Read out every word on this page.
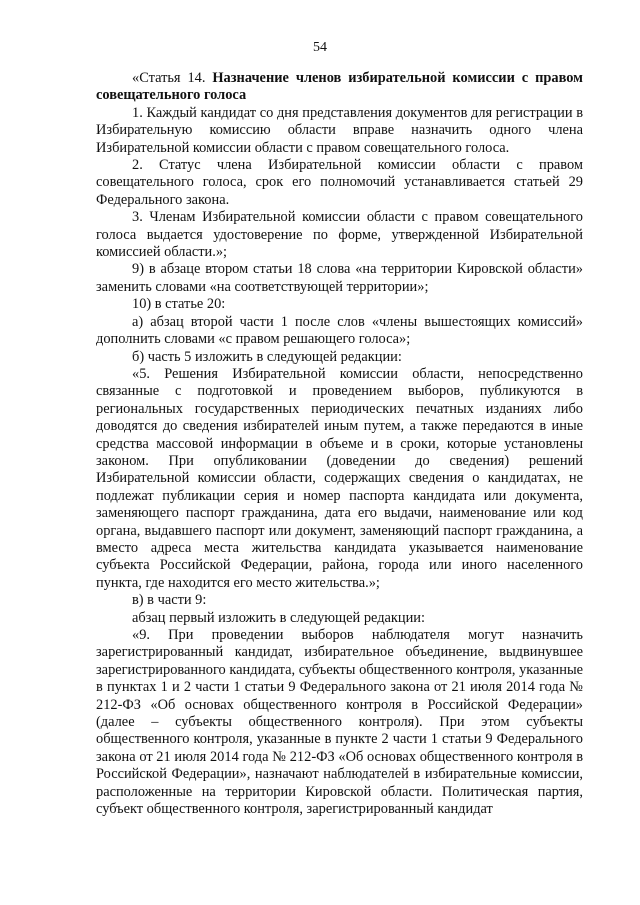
54

«Статья 14. Назначение членов избирательной комиссии с правом совещательного голоса

1. Каждый кандидат со дня представления документов для регистрации в Избирательную комиссию области вправе назначить одного члена Избирательной комиссии области с правом совещательного голоса.

2. Статус члена Избирательной комиссии области с правом совещательного голоса, срок его полномочий устанавливается статьей 29 Федерального закона.

3. Членам Избирательной комиссии области с правом совещательного голоса выдается удостоверение по форме, утвержденной Избирательной комиссией области.»;

9) в абзаце втором статьи 18 слова «на территории Кировской области» заменить словами «на соответствующей территории»;

10) в статье 20:

а) абзац второй части 1 после слов «члены вышестоящих комиссий» дополнить словами «с правом решающего голоса»;

б) часть 5 изложить в следующей редакции:

«5. Решения Избирательной комиссии области, непосредственно связанные с подготовкой и проведением выборов, публикуются в региональных государственных периодических печатных изданиях либо доводятся до сведения избирателей иным путем, а также передаются в иные средства массовой информации в объеме и в сроки, которые установлены законом. При опубликовании (доведении до сведения) решений Избирательной комиссии области, содержащих сведения о кандидатах, не подлежат публикации серия и номер паспорта кандидата или документа, заменяющего паспорт гражданина, дата его выдачи, наименование или код органа, выдавшего паспорт или документ, заменяющий паспорт гражданина, а вместо адреса места жительства кандидата указывается наименование субъекта Российской Федерации, района, города или иного населенного пункта, где находится его место жительства.»;

в) в части 9:

абзац первый изложить в следующей редакции:

«9. При проведении выборов наблюдателя могут назначить зарегистрированный кандидат, избирательное объединение, выдвинувшее зарегистрированного кандидата, субъекты общественного контроля, указанные в пунктах 1 и 2 части 1 статьи 9 Федерального закона от 21 июля 2014 года № 212-ФЗ «Об основах общественного контроля в Российской Федерации» (далее – субъекты общественного контроля). При этом субъекты общественного контроля, указанные в пункте 2 части 1 статьи 9 Федерального закона от 21 июля 2014 года № 212-ФЗ «Об основах общественного контроля в Российской Федерации», назначают наблюдателей в избирательные комиссии, расположенные на территории Кировской области. Политическая партия, субъект общественного контроля, зарегистрированный кандидат
